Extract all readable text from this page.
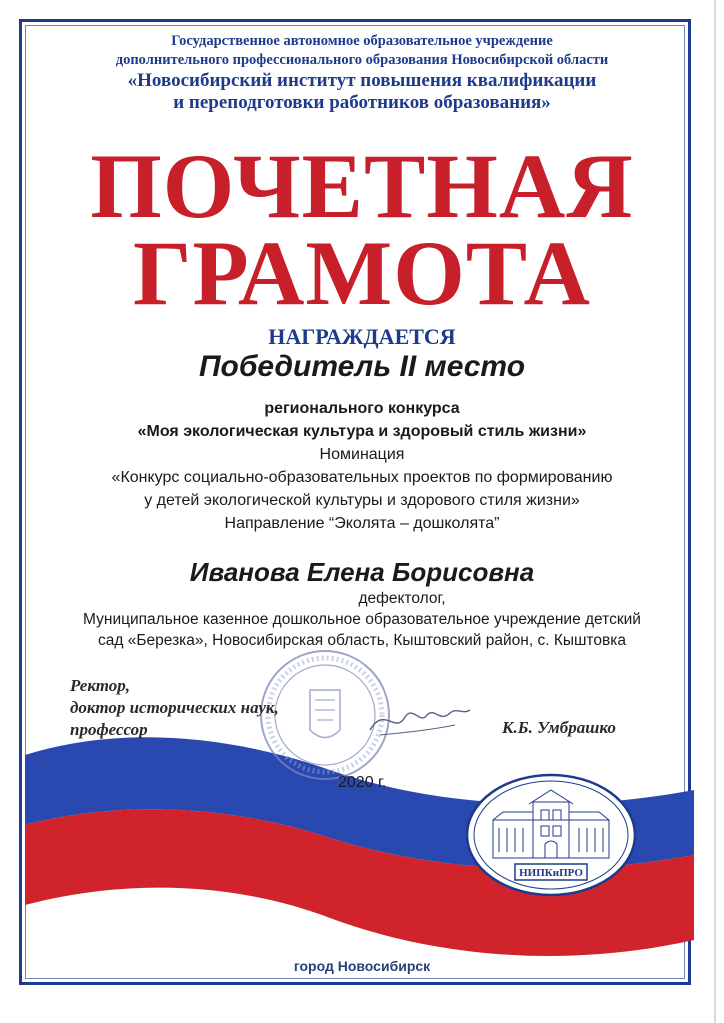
Государственное автономное образовательное учреждение
дополнительного профессионального образования Новосибирской области
«Новосибирский институт повышения квалификации
и переподготовки работников образования»
ПОЧЕТНАЯ
ГРАМОТА
НАГРАЖДАЕТСЯ
Победитель II место
регионального конкурса
«Моя экологическая культура и здоровый стиль жизни»
Номинация
«Конкурс социально-образовательных проектов по формированию
у детей экологической культуры и здорового стиля жизни»
Направление “Эколята – дошколята”
Иванова Елена Борисовна
дефектолог,
Муниципальное казенное дошкольное образовательное учреждение детский
сад «Березка», Новосибирская область, Кыштовский район, с. Кыштовка
Ректор,
доктор исторических наук,
профессор	К.Б. Умбрашко
2020 г.
НИПКиПРО
город Новосибирск
